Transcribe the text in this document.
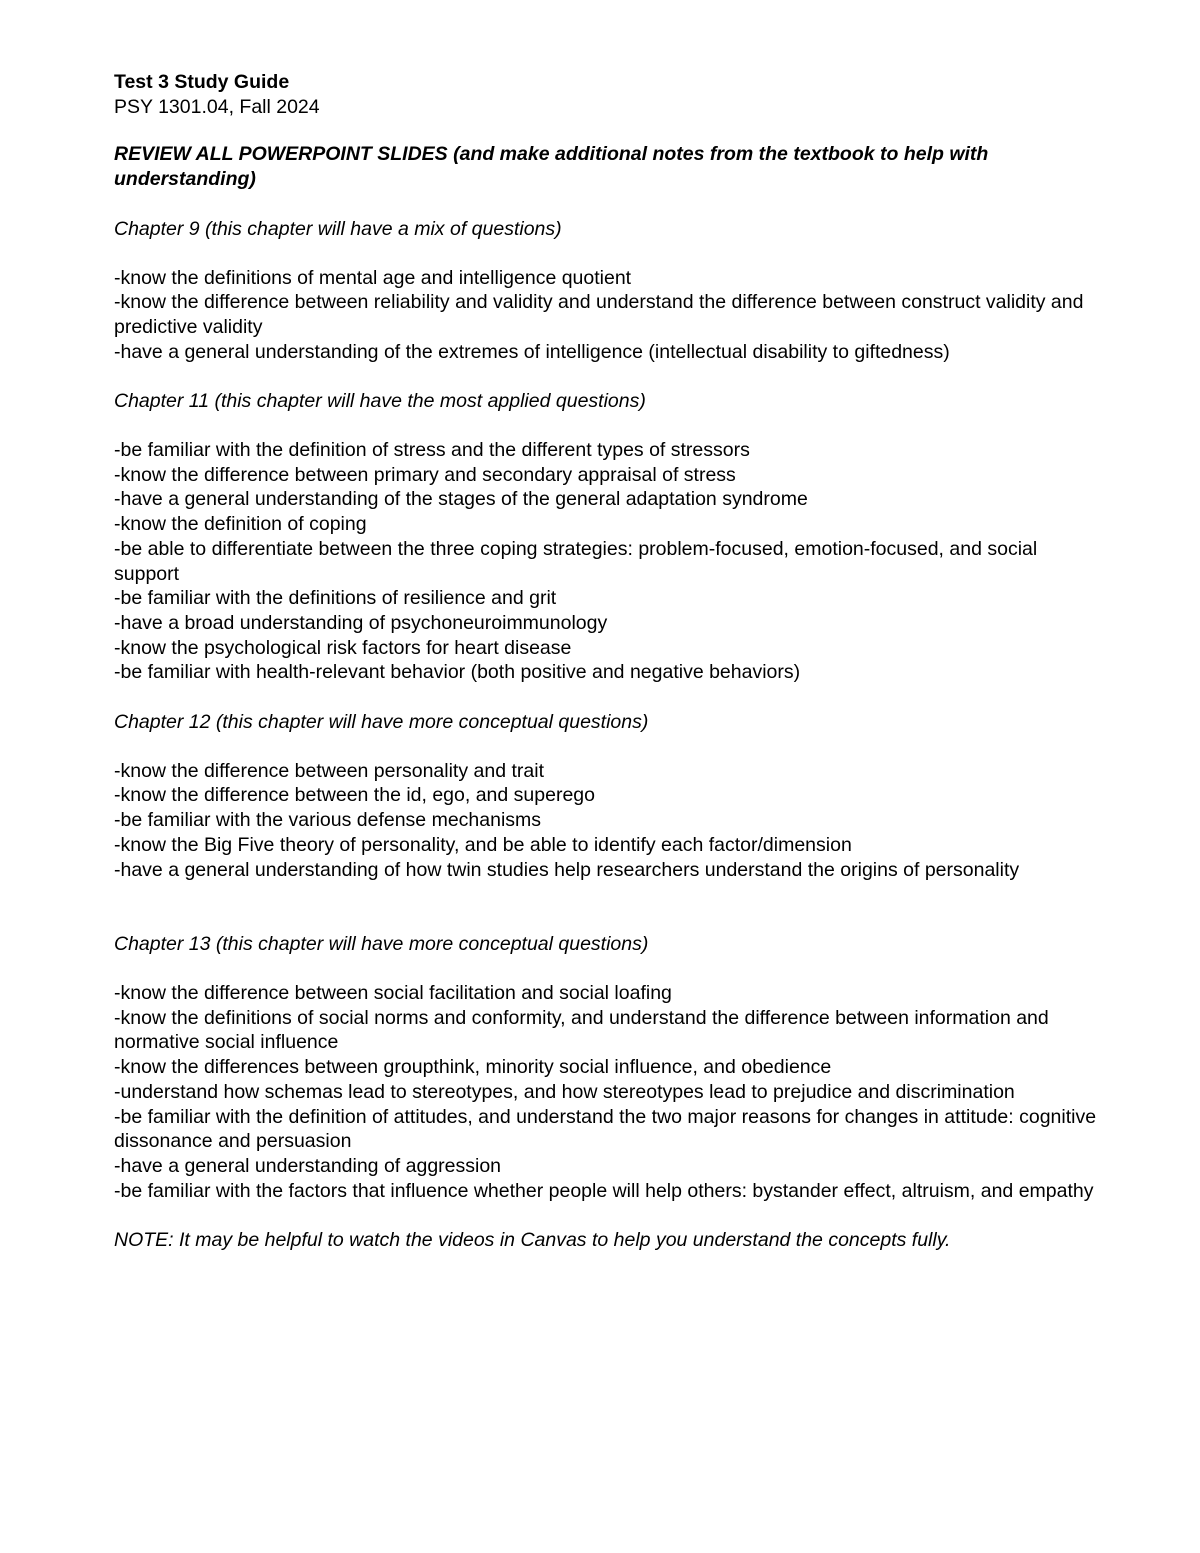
Test 3 Study Guide
PSY 1301.04, Fall 2024
REVIEW ALL POWERPOINT SLIDES (and make additional notes from the textbook to help with understanding)
Chapter 9 (this chapter will have a mix of questions)
-know the definitions of mental age and intelligence quotient
-know the difference between reliability and validity and understand the difference between construct validity and predictive validity
-have a general understanding of the extremes of intelligence (intellectual disability to giftedness)
Chapter 11 (this chapter will have the most applied questions)
-be familiar with the definition of stress and the different types of stressors
-know the difference between primary and secondary appraisal of stress
-have a general understanding of the stages of the general adaptation syndrome
-know the definition of coping
-be able to differentiate between the three coping strategies: problem-focused, emotion-focused, and social support
-be familiar with the definitions of resilience and grit
-have a broad understanding of psychoneuroimmunology
-know the psychological risk factors for heart disease
-be familiar with health-relevant behavior (both positive and negative behaviors)
Chapter 12 (this chapter will have more conceptual questions)
-know the difference between personality and trait
-know the difference between the id, ego, and superego
-be familiar with the various defense mechanisms
-know the Big Five theory of personality, and be able to identify each factor/dimension
-have a general understanding of how twin studies help researchers understand the origins of personality
Chapter 13 (this chapter will have more conceptual questions)
-know the difference between social facilitation and social loafing
-know the definitions of social norms and conformity, and understand the difference between information and normative social influence
-know the differences between groupthink, minority social influence, and obedience
-understand how schemas lead to stereotypes, and how stereotypes lead to prejudice and discrimination
-be familiar with the definition of attitudes, and understand the two major reasons for changes in attitude: cognitive dissonance and persuasion
-have a general understanding of aggression
-be familiar with the factors that influence whether people will help others: bystander effect, altruism, and empathy
NOTE: It may be helpful to watch the videos in Canvas to help you understand the concepts fully.
